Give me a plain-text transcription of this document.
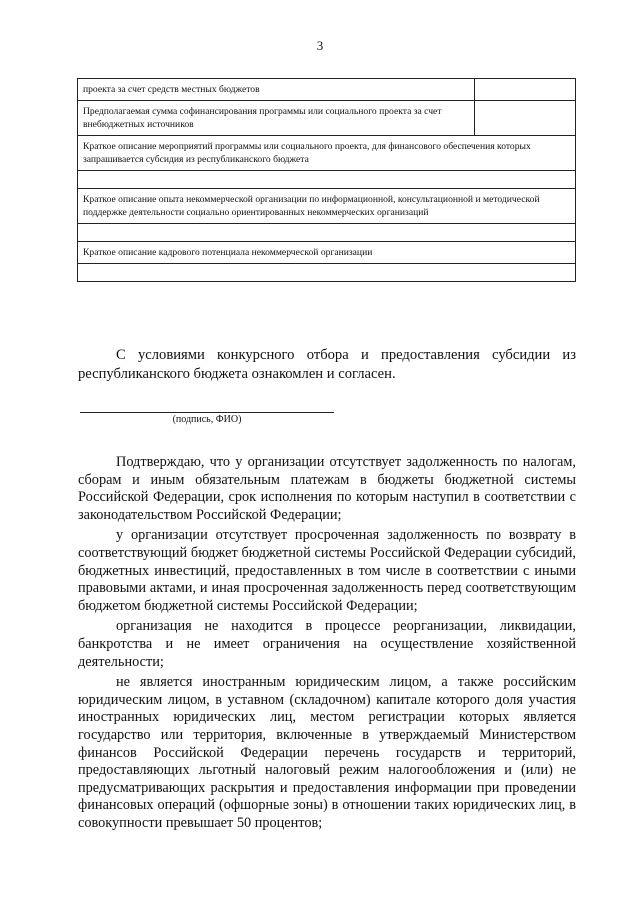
3
проекта за счет средств местных бюджетов	
Предполагаемая сумма софинансирования программы или социального проекта за счет внебюджетных источников	
Краткое описание мероприятий программы или социального проекта, для финансового обеспечения которых запрашивается субсидия из республиканского бюджета	

Краткое описание опыта некоммерческой организации по информационной, консультационной и методической поддержке деятельности социально ориентированных некоммерческих организаций	

Краткое описание кадрового потенциала некоммерческой организации	

С условиями конкурсного отбора и предоставления субсидии из республиканского бюджета ознакомлен и согласен.

(подпись, ФИО)

Подтверждаю, что у организации отсутствует задолженность по налогам, сборам и иным обязательным платежам в бюджеты бюджетной системы Российской Федерации, срок исполнения по которым наступил в соответствии с законодательством Российской Федерации;

у организации отсутствует просроченная задолженность по возврату в соответствующий бюджет бюджетной системы Российской Федерации субсидий, бюджетных инвестиций, предоставленных в том числе в соответствии с иными правовыми актами, и иная просроченная задолженность перед соответствующим бюджетом бюджетной системы Российской Федерации;

организация не находится в процессе реорганизации, ликвидации, банкротства и не имеет ограничения на осуществление хозяйственной деятельности;

не является иностранным юридическим лицом, а также российским юридическим лицом, в уставном (складочном) капитале которого доля участия иностранных юридических лиц, местом регистрации которых является государство или территория, включенные в утверждаемый Министерством финансов Российской Федерации перечень государств и территорий, предоставляющих льготный налоговый режим налогообложения и (или) не предусматривающих раскрытия и предоставления информации при проведении финансовых операций (офшорные зоны) в отношении таких юридических лиц, в совокупности превышает 50 процентов;
